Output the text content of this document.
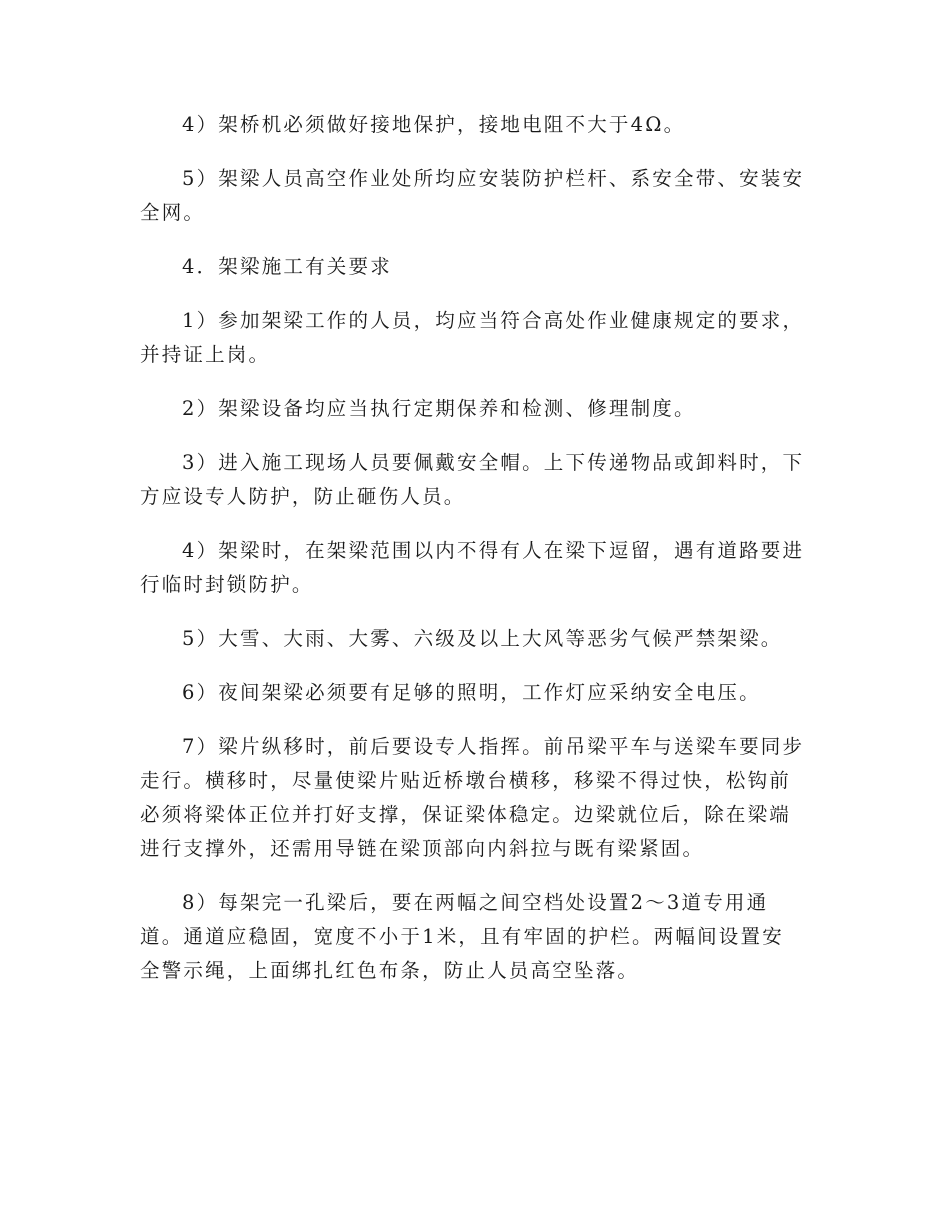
4）架桥机必须做好接地保护，接地电阻不大于4Ω。

5）架梁人员高空作业处所均应安装防护栏杆、系安全带、安装安
全网。

4．架梁施工有关要求

1）参加架梁工作的人员，均应当符合高处作业健康规定的要求，
并持证上岗。

2）架梁设备均应当执行定期保养和检测、修理制度。

3）进入施工现场人员要佩戴安全帽。上下传递物品或卸料时，下
方应设专人防护，防止砸伤人员。

4）架梁时，在架梁范围以内不得有人在梁下逗留，遇有道路要进
行临时封锁防护。

5）大雪、大雨、大雾、六级及以上大风等恶劣气候严禁架梁。

6）夜间架梁必须要有足够的照明，工作灯应采纳安全电压。

7）梁片纵移时，前后要设专人指挥。前吊梁平车与送梁车要同步
走行。横移时，尽量使梁片贴近桥墩台横移，移梁不得过快，松钩前
必须将梁体正位并打好支撑，保证梁体稳定。边梁就位后，除在梁端
进行支撑外，还需用导链在梁顶部向内斜拉与既有梁紧固。

8）每架完一孔梁后，要在两幅之间空档处设置2～3道专用通
道。通道应稳固，宽度不小于1米，且有牢固的护栏。两幅间设置安
全警示绳，上面绑扎红色布条，防止人员高空坠落。
